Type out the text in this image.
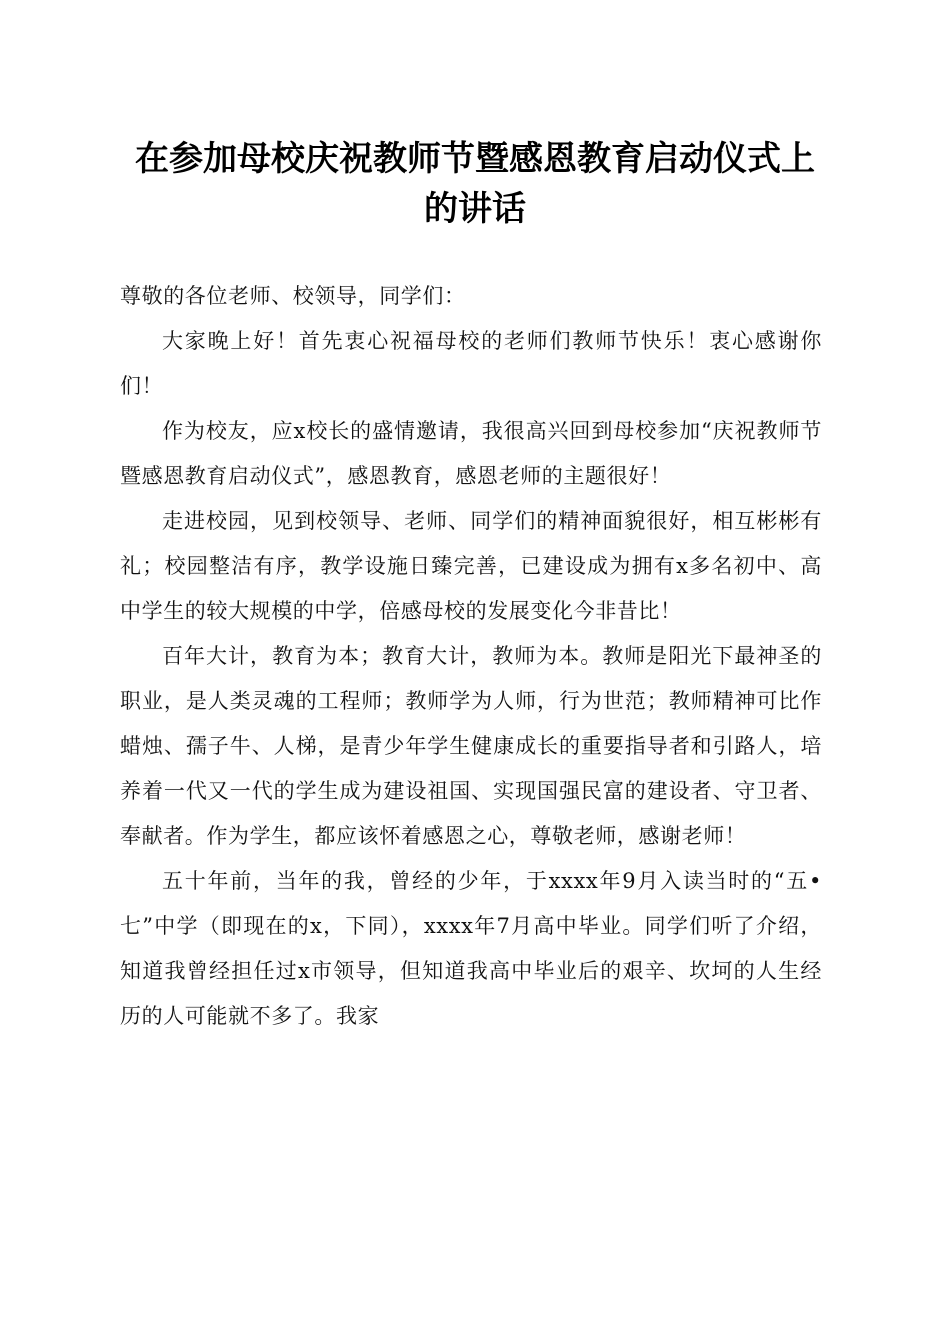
在参加母校庆祝教师节暨感恩教育启动仪式上
的讲话

尊敬的各位老师、校领导，同学们：

大家晚上好！首先衷心祝福母校的老师们教师节快乐！衷心感谢你们！

作为校友，应x校长的盛情邀请，我很高兴回到母校参加“庆祝教师节暨感恩教育启动仪式”，感恩教育，感恩老师的主题很好！

走进校园，见到校领导、老师、同学们的精神面貌很好，相互彬彬有礼；校园整洁有序，教学设施日臻完善，已建设成为拥有x多名初中、高中学生的较大规模的中学，倍感母校的发展变化今非昔比！

百年大计，教育为本；教育大计，教师为本。教师是阳光下最神圣的职业，是人类灵魂的工程师；教师学为人师，行为世范；教师精神可比作蜡烛、孺子牛、人梯，是青少年学生健康成长的重要指导者和引路人，培养着一代又一代的学生成为建设祖国、实现国强民富的建设者、守卫者、奉献者。作为学生，都应该怀着感恩之心，尊敬老师，感谢老师！

五十年前，当年的我，曾经的少年，于xxxx年9月入读当时的“五•七”中学（即现在的x，下同），xxxx年7月高中毕业。同学们听了介绍，知道我曾经担任过x市领导，但知道我高中毕业后的艰辛、坎坷的人生经历的人可能就不多了。我家
